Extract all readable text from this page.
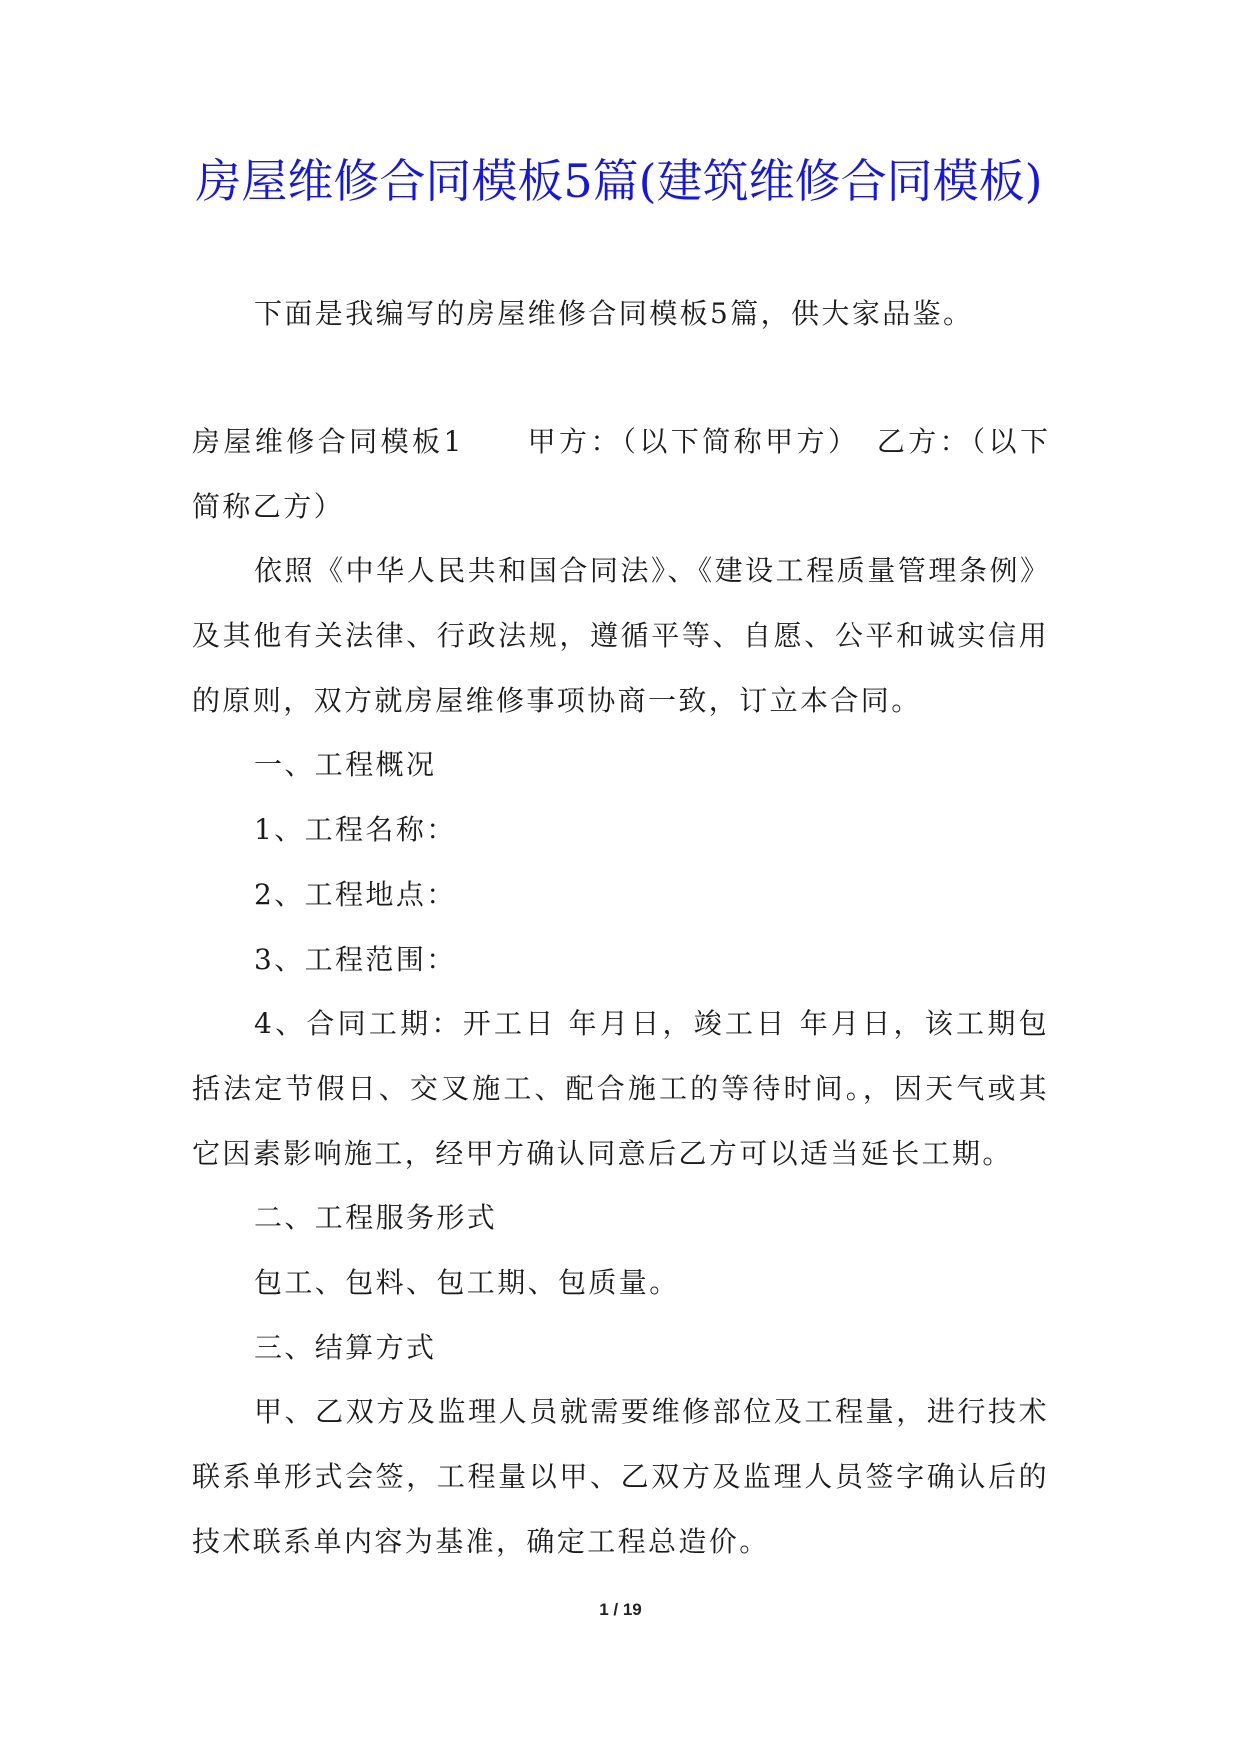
房屋维修合同模板5篇(建筑维修合同模板)
下面是我编写的房屋维修合同模板5篇，供大家品鉴。
房屋维修合同模板1　　甲方：（以下简称甲方）　乙方：（以下
简称乙方）
依照《中华人民共和国合同法》、《建设工程质量管理条例》
及其他有关法律、行政法规，遵循平等、自愿、公平和诚实信用
的原则，双方就房屋维修事项协商一致，订立本合同。
一、工程概况
1、工程名称：
2、工程地点：
3、工程范围：
4、合同工期：开工日 年月日，竣工日 年月日，该工期包
括法定节假日、交叉施工、配合施工的等待时间。，因天气或其
它因素影响施工，经甲方确认同意后乙方可以适当延长工期。
二、工程服务形式
包工、包料、包工期、包质量。
三、结算方式
甲、乙双方及监理人员就需要维修部位及工程量，进行技术
联系单形式会签，工程量以甲、乙双方及监理人员签字确认后的
技术联系单内容为基准，确定工程总造价。
1 / 19
